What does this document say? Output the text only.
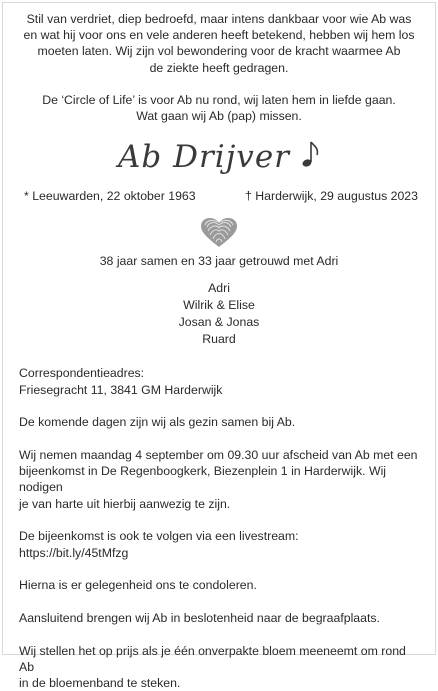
Stil van verdriet, diep bedroefd, maar intens dankbaar voor wie Ab was

en wat hij voor ons en vele anderen heeft betekend, hebben wij hem los

moeten laten. Wij zijn vol bewondering voor de kracht waarmee Ab

de ziekte heeft gedragen.

De ‘Circle of Life’ is voor Ab nu rond, wij laten hem in liefde gaan.

Wat gaan wij Ab (pap) missen.

Ab Drijver
* Leeuwarden, 22 oktober 1963	† Harderwijk, 29 augustus 2023

38 jaar samen en 33 jaar getrouwd met Adri

Adri

Wilrik & Elise

Josan & Jonas

Ruard

Correspondentieadres:

Friesegracht 11, 3841 GM Harderwijk

De komende dagen zijn wij als gezin samen bij Ab.

Wij nemen maandag 4 september om 09.30 uur afscheid van Ab met een

bijeenkomst in De Regenboogkerk, Biezenplein 1 in Harderwijk. Wij nodigen

je van harte uit hierbij aanwezig te zijn.

De bijeenkomst is ook te volgen via een livestream:

https://bit.ly/45tMfzg

Hierna is er gelegenheid ons te condoleren.

Aansluitend brengen wij Ab in beslotenheid naar de begraafplaats.

Wij stellen het op prijs als je één onverpakte bloem meeneemt om rond Ab

in de bloemenband te steken.
